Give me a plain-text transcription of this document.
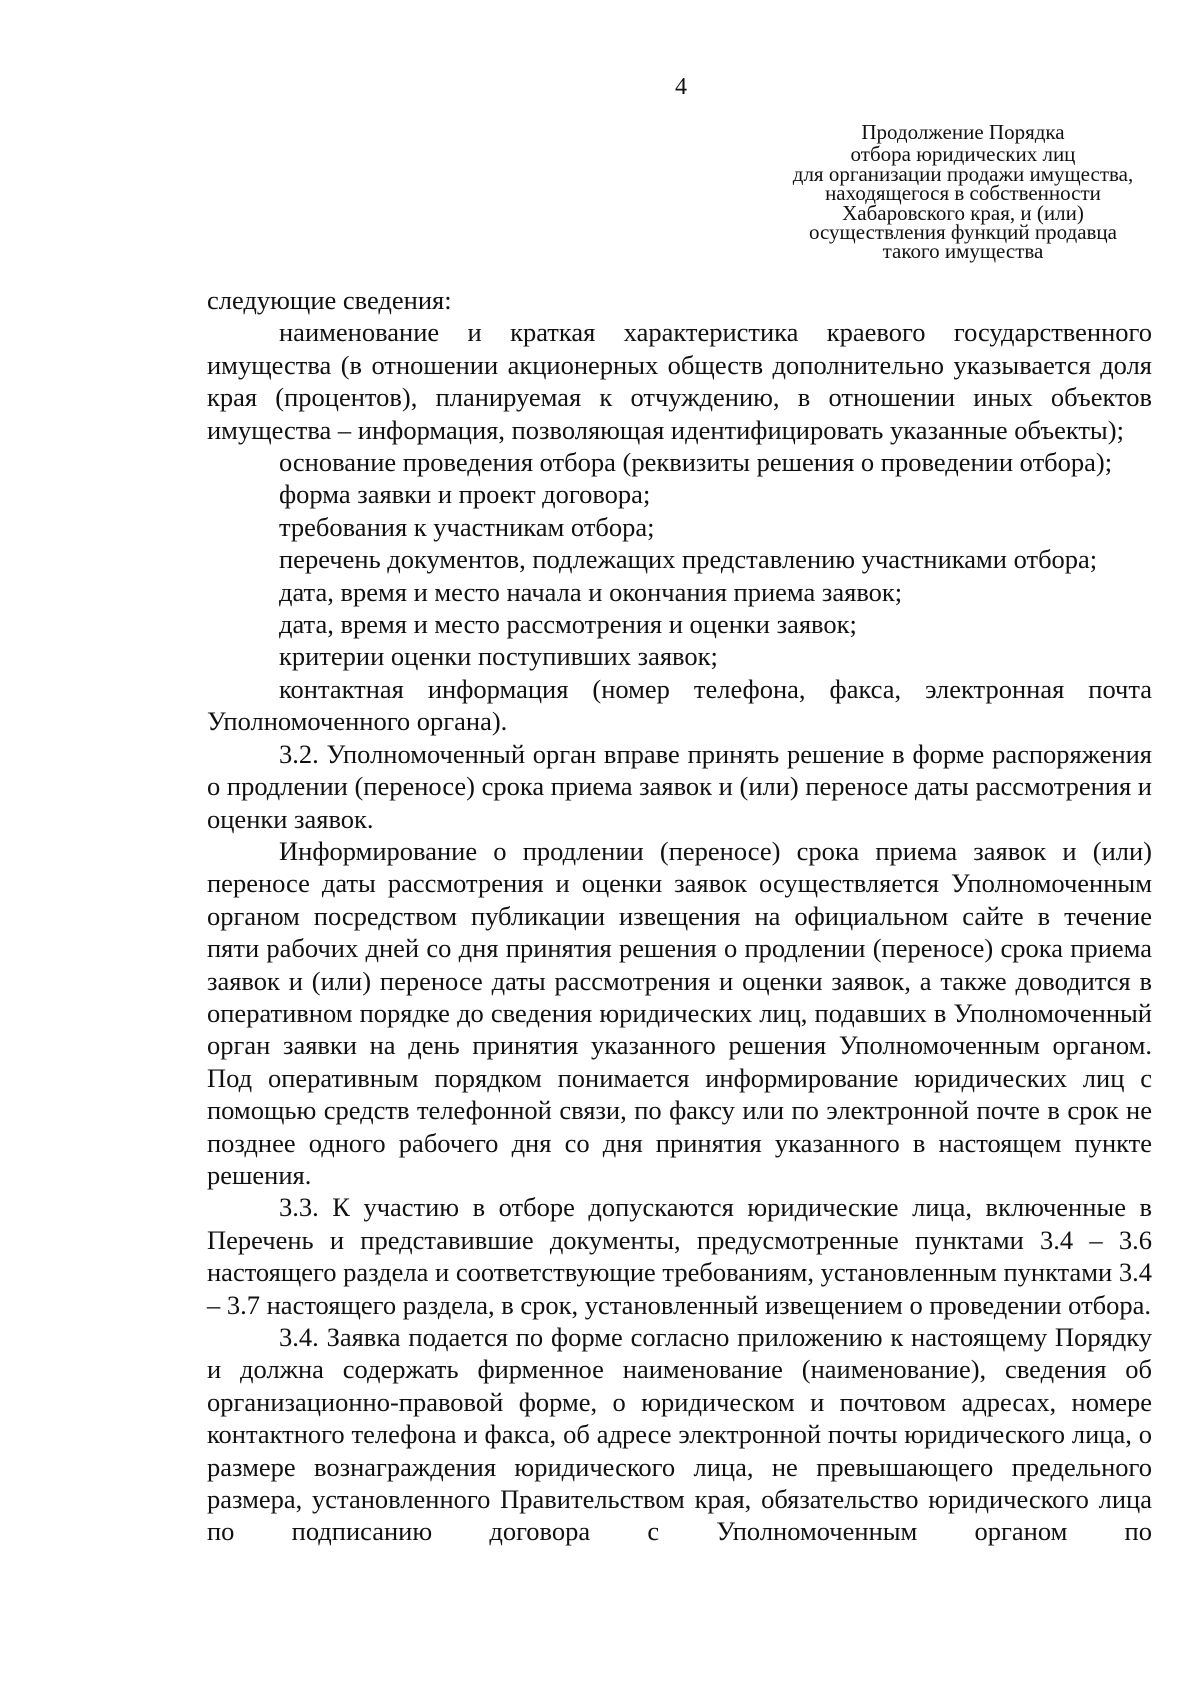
4
Продолжение Порядка
отбора юридических лиц
для организации продажи имущества,
находящегося в собственности
Хабаровского края, и (или)
осуществления функций продавца
такого имущества

следующие сведения:

наименование и краткая характеристика краевого государственного имущества (в отношении акционерных обществ дополнительно указывается доля края (процентов), планируемая к отчуждению, в отношении иных объектов имущества – информация, позволяющая идентифицировать указанные объекты);

основание проведения отбора (реквизиты решения о проведении отбора);

форма заявки и проект договора;

требования к участникам отбора;

перечень документов, подлежащих представлению участниками отбора;

дата, время и место начала и окончания приема заявок;

дата, время и место рассмотрения и оценки заявок;

критерии оценки поступивших заявок;

контактная информация (номер телефона, факса, электронная почта Уполномоченного органа).

3.2. Уполномоченный орган вправе принять решение в форме распоряжения о продлении (переносе) срока приема заявок и (или) переносе даты рассмотрения и оценки заявок.

Информирование о продлении (переносе) срока приема заявок и (или) переносе даты рассмотрения и оценки заявок осуществляется Уполномоченным органом посредством публикации извещения на официальном сайте в течение пяти рабочих дней со дня принятия решения о продлении (переносе) срока приема заявок и (или) переносе даты рассмотрения и оценки заявок, а также доводится в оперативном порядке до сведения юридических лиц, подавших в Уполномоченный орган заявки на день принятия указанного решения Уполномоченным органом. Под оперативным порядком понимается информирование юридических лиц с помощью средств телефонной связи, по факсу или по электронной почте в срок не позднее одного рабочего дня со дня принятия указанного в настоящем пункте решения.

3.3. К участию в отборе допускаются юридические лица, включенные в Перечень и представившие документы, предусмотренные пунктами 3.4 – 3.6 настоящего раздела и соответствующие требованиям, установленным пунктами 3.4 – 3.7 настоящего раздела, в срок, установленный извещением о проведении отбора.

3.4. Заявка подается по форме согласно приложению к настоящему Порядку и должна содержать фирменное наименование (наименование), сведения об организационно-правовой форме, о юридическом и почтовом адресах, номере контактного телефона и факса, об адресе электронной почты юридического лица, о размере вознаграждения юридического лица, не превышающего предельного размера, установленного Правительством края, обязательство юридического лица по подписанию договора с Уполномоченным органом по
